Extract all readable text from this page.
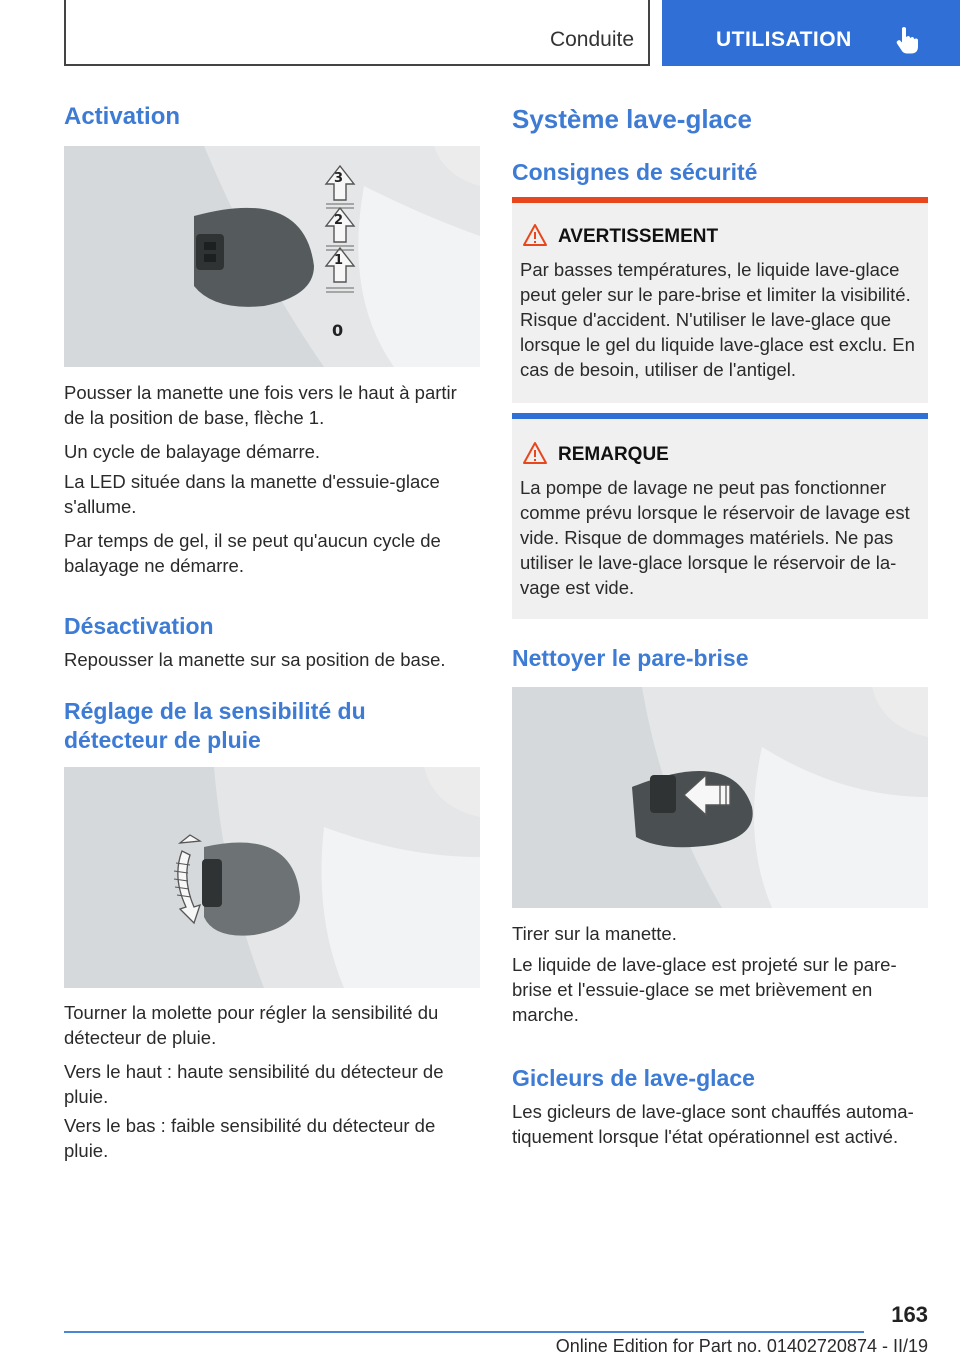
Conduite	UTILISATION
Activation
3
2
1
0
Pousser la manette une fois vers le haut à partir de la position de base, flèche 1.
Un cycle de balayage démarre.
La LED située dans la manette d'essuie-glace s'allume.
Par temps de gel, il se peut qu'aucun cycle de balayage ne démarre.
Désactivation
Repousser la manette sur sa position de base.
Réglage de la sensibilité du
détecteur de pluie
Tourner la molette pour régler la sensibilité du détecteur de pluie.
Vers le haut : haute sensibilité du détecteur de pluie.
Vers le bas : faible sensibilité du détecteur de pluie.
Système lave-glace
Consignes de sécurité
AVERTISSEMENT
Par basses températures, le liquide lave-glace peut geler sur le pare-brise et limiter la visibilité. Risque d'accident. N'utiliser le lave-glace que lorsque le gel du liquide lave-glace est exclu. En cas de besoin, utiliser de l'antigel.
REMARQUE
La pompe de lavage ne peut pas fonctionner comme prévu lorsque le réservoir de lavage est vide. Risque de dommages matériels. Ne pas utiliser le lave-glace lorsque le réservoir de la-vage est vide.
Nettoyer le pare-brise
Tirer sur la manette.
Le liquide de lave-glace est projeté sur le pare-brise et l'essuie-glace se met brièvement en marche.
Gicleurs de lave-glace
Les gicleurs de lave-glace sont chauffés automa-tiquement lorsque l'état opérationnel est activé.
163
Online Edition for Part no. 01402720874 - II/19
